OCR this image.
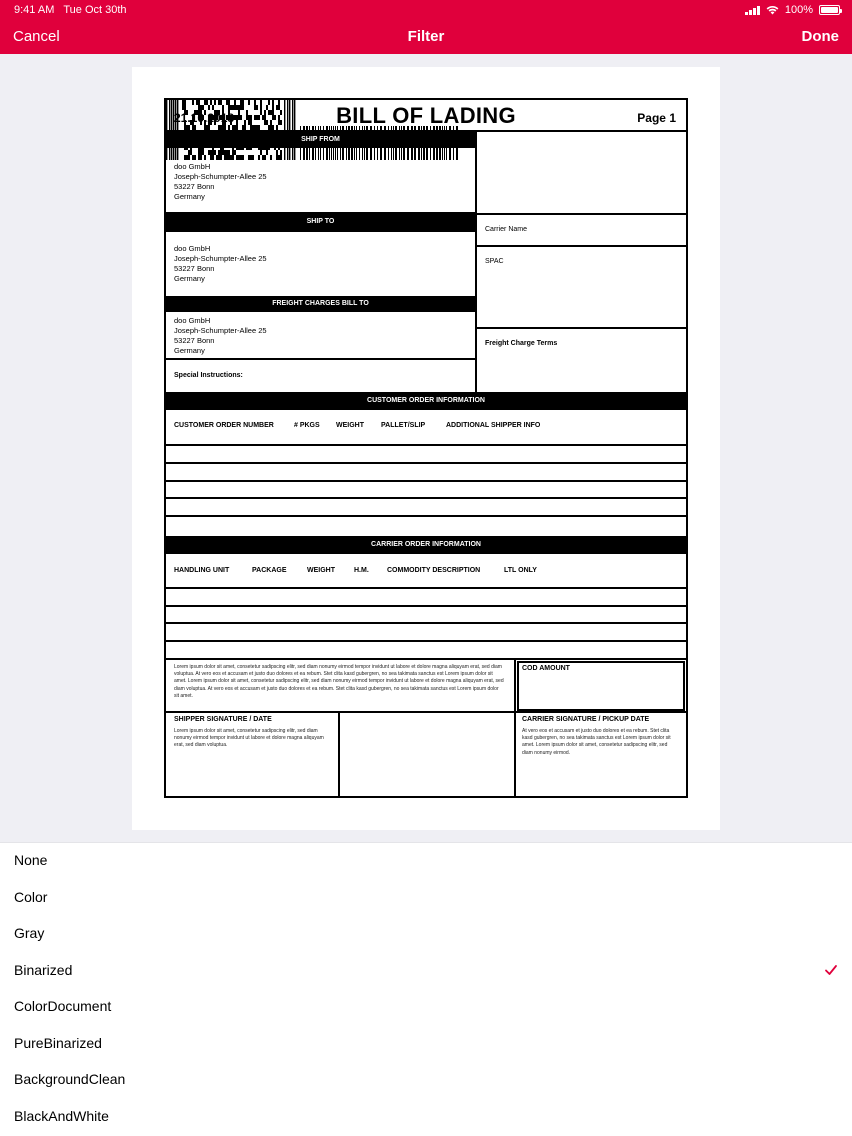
9:41 AM Tue Oct 30th	100%
Cancel	Filter	Done
21.10.2018	BILL OF LADING	Page 1
SHIP FROM
doo GmbH
Joseph-Schumpter-Allee 25
53227 Bonn
Germany
SHIP TO
doo GmbH
Joseph-Schumpter-Allee 25
53227 Bonn
Germany
FREIGHT CHARGES BILL TO
doo GmbH
Joseph-Schumpter-Allee 25
53227 Bonn
Germany
Special Instructions:

Carrier Name
SPAC
Freight Charge Terms
CUSTOMER ORDER INFORMATION
CUSTOMER ORDER NUMBER	# PKGS WEIGHT PALLET/SLIP	ADDITIONAL SHIPPER INFO
CARRIER ORDER INFORMATION
HANDLING UNIT	PACKAGE	WEIGHT	H.M.	COMMODITY DESCRIPTION	LTL ONLY
Lorem ipsum dolor sit amet, consetetur sadipscing elitr, sed diam nonumy eirmod tempor invidunt ut labore et dolore magna aliquyam erat, sed diam voluptua. At vero eos et accusam et justo duo dolores et ea rebum. Stet clita kasd gubergren, no sea takimata sanctus est Lorem ipsum dolor sit amet. Lorem ipsum dolor sit amet, consetetur sadipscing elitr, sed diam nonumy eirmod tempor invidunt ut labore et dolore magna aliquyam erat, sed diam voluptua. At vero eos et accusam et justo duo dolores et ea rebum. Stet clita kasd gubergren, no sea takimata sanctus est Lorem ipsum dolor sit amet.
COD AMOUNT
SHIPPER SIGNATURE / DATE
Lorem ipsum dolor sit amet, consetetur sadipscing elitr, sed diam nonumy eirmod tempor invidunt ut labore et dolore magna aliquyam erat, sed diam voluptua.
CARRIER SIGNATURE / PICKUP DATE
At vero eos et accusam et justo duo dolores et ea rebum. Stet clita kasd gubergren, no sea takimata sanctus est Lorem ipsum dolor sit amet. Lorem ipsum dolor sit amet, consetetur sadipscing elitr, sed diam nonumy eirmod.
None
Color
Gray
Binarized
ColorDocument
PureBinarized
BackgroundClean
BlackAndWhite
